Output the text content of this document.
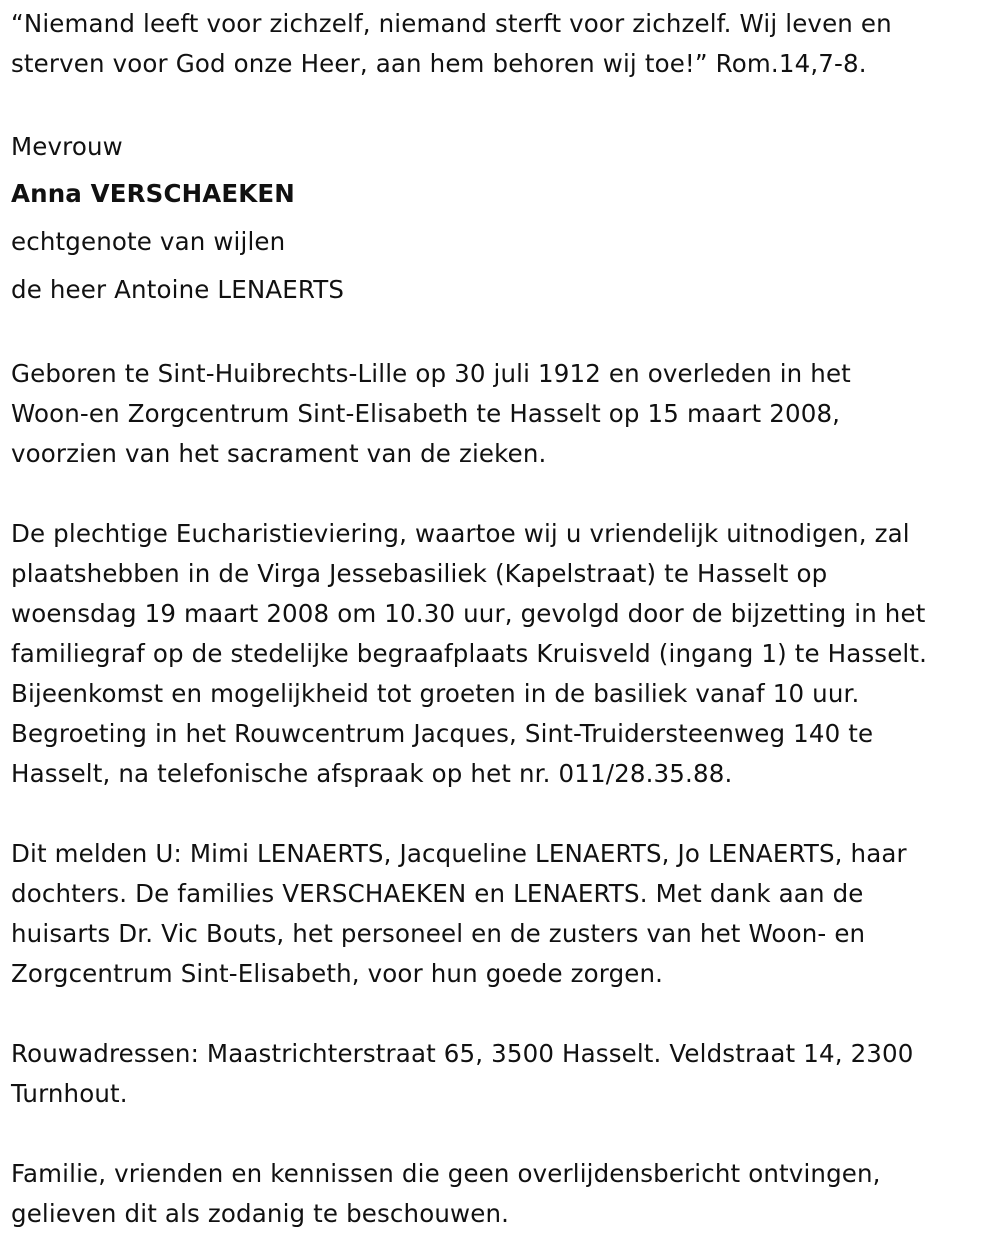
“Niemand leeft voor zichzelf, niemand sterft voor zichzelf. Wij leven en
sterven voor God onze Heer, aan hem behoren wij toe!” Rom.14,7-8.

Mevrouw

Anna VERSCHAEKEN

echtgenote van wijlen

de heer Antoine LENAERTS

Geboren te Sint-Huibrechts-Lille op 30 juli 1912 en overleden in het
Woon-en Zorgcentrum Sint-Elisabeth te Hasselt op 15 maart 2008,
voorzien van het sacrament van de zieken.

De plechtige Eucharistieviering, waartoe wij u vriendelijk uitnodigen, zal
plaatshebben in de Virga Jessebasiliek (Kapelstraat) te Hasselt op
woensdag 19 maart 2008 om 10.30 uur, gevolgd door de bijzetting in het
familiegraf op de stedelijke begraafplaats Kruisveld (ingang 1) te Hasselt.
Bijeenkomst en mogelijkheid tot groeten in de basiliek vanaf 10 uur.
Begroeting in het Rouwcentrum Jacques, Sint-Truidersteenweg 140 te
Hasselt, na telefonische afspraak op het nr. 011/28.35.88.

Dit melden U: Mimi LENAERTS, Jacqueline LENAERTS, Jo LENAERTS, haar
dochters. De families VERSCHAEKEN en LENAERTS. Met dank aan de
huisarts Dr. Vic Bouts, het personeel en de zusters van het Woon- en
Zorgcentrum Sint-Elisabeth, voor hun goede zorgen.

Rouwadressen: Maastrichterstraat 65, 3500 Hasselt. Veldstraat 14, 2300
Turnhout.

Familie, vrienden en kennissen die geen overlijdensbericht ontvingen,
gelieven dit als zodanig te beschouwen.
